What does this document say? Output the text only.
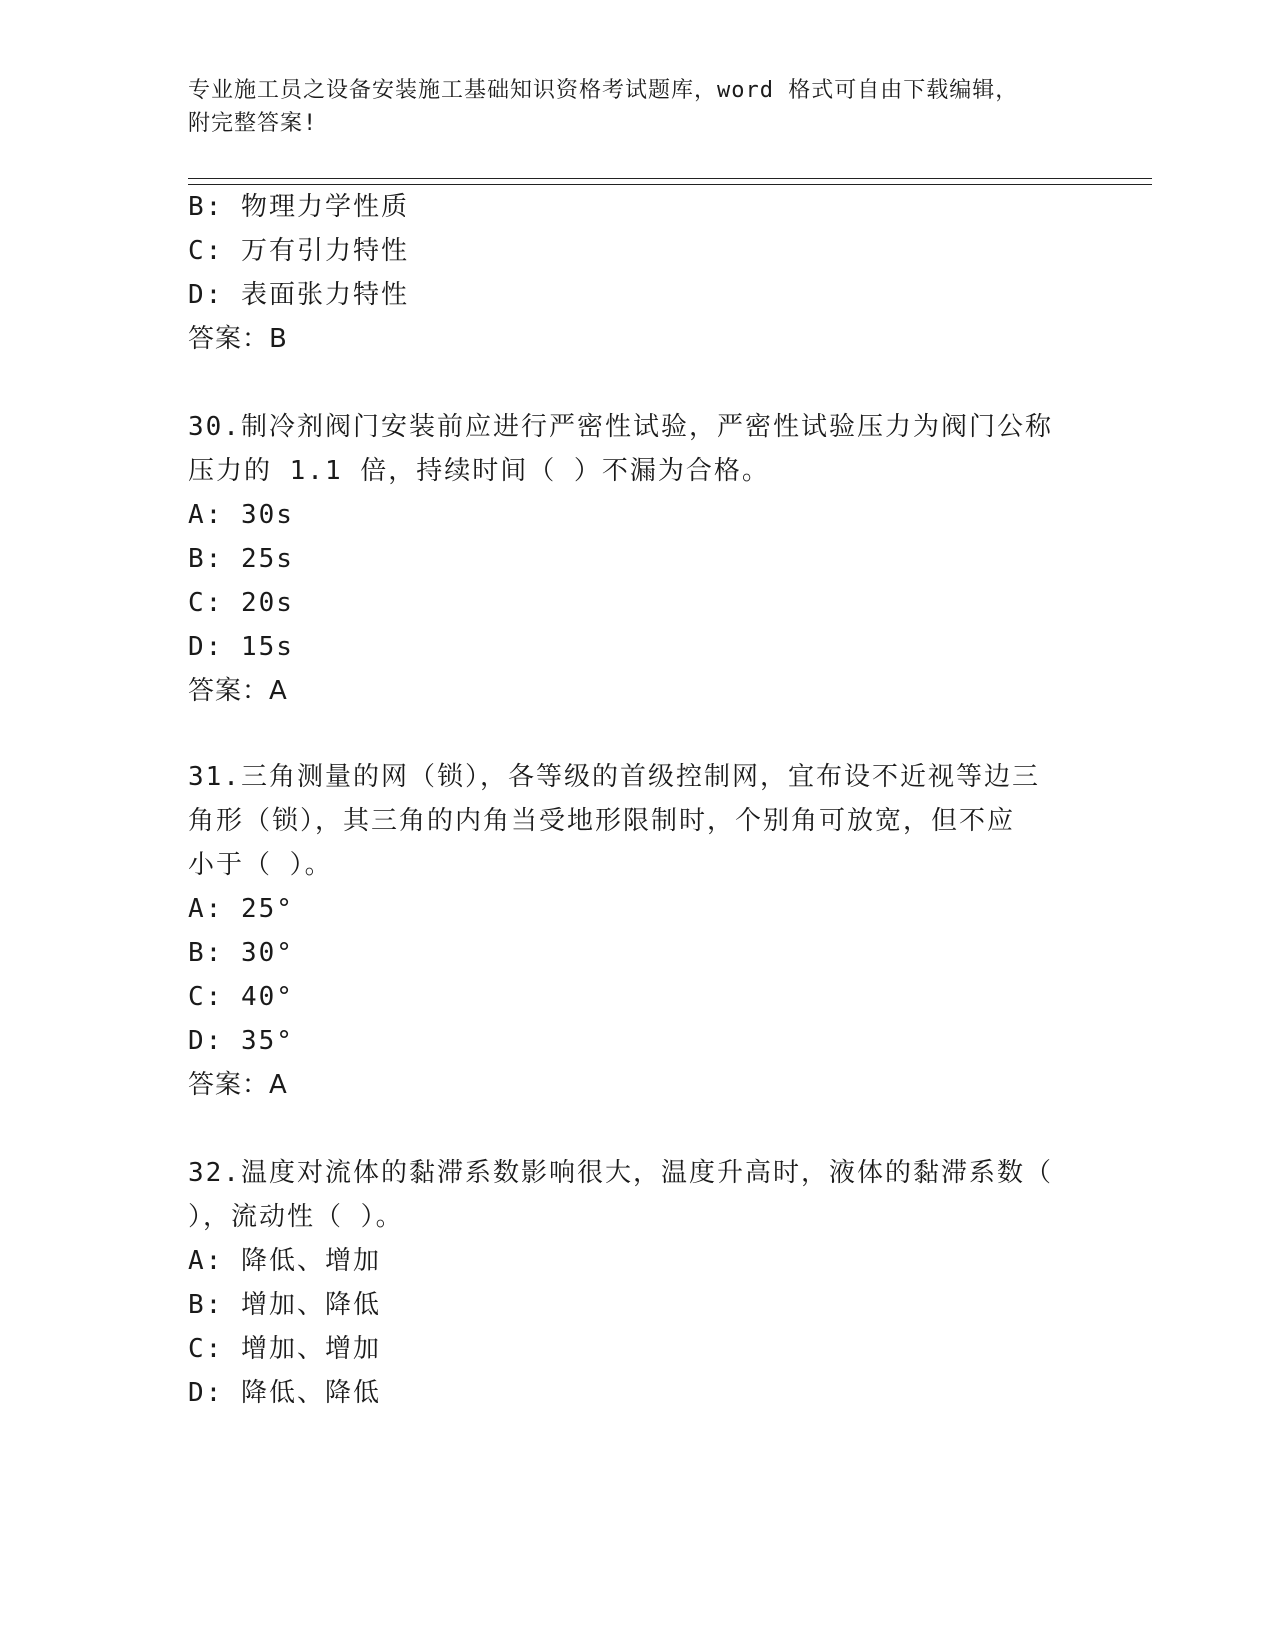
专业施工员之设备安装施工基础知识资格考试题库，word 格式可自由下载编辑，
附完整答案!
B: 物理力学性质
C: 万有引力特性
D: 表面张力特性
答案：B
30.制冷剂阀门安装前应进行严密性试验，严密性试验压力为阀门公称
压力的 1.1 倍，持续时间（ ）不漏为合格。
A: 30s
B: 25s
C: 20s
D: 15s
答案：A
31.三角测量的网（锁），各等级的首级控制网，宜布设不近视等边三
角形（锁），其三角的内角当受地形限制时，个别角可放宽，但不应
小于（ ）。
A: 25°
B: 30°
C: 40°
D: 35°
答案：A
32.温度对流体的黏滞系数影响很大，温度升高时，液体的黏滞系数（
），流动性（ ）。
A: 降低、增加
B: 增加、降低
C: 增加、增加
D: 降低、降低
